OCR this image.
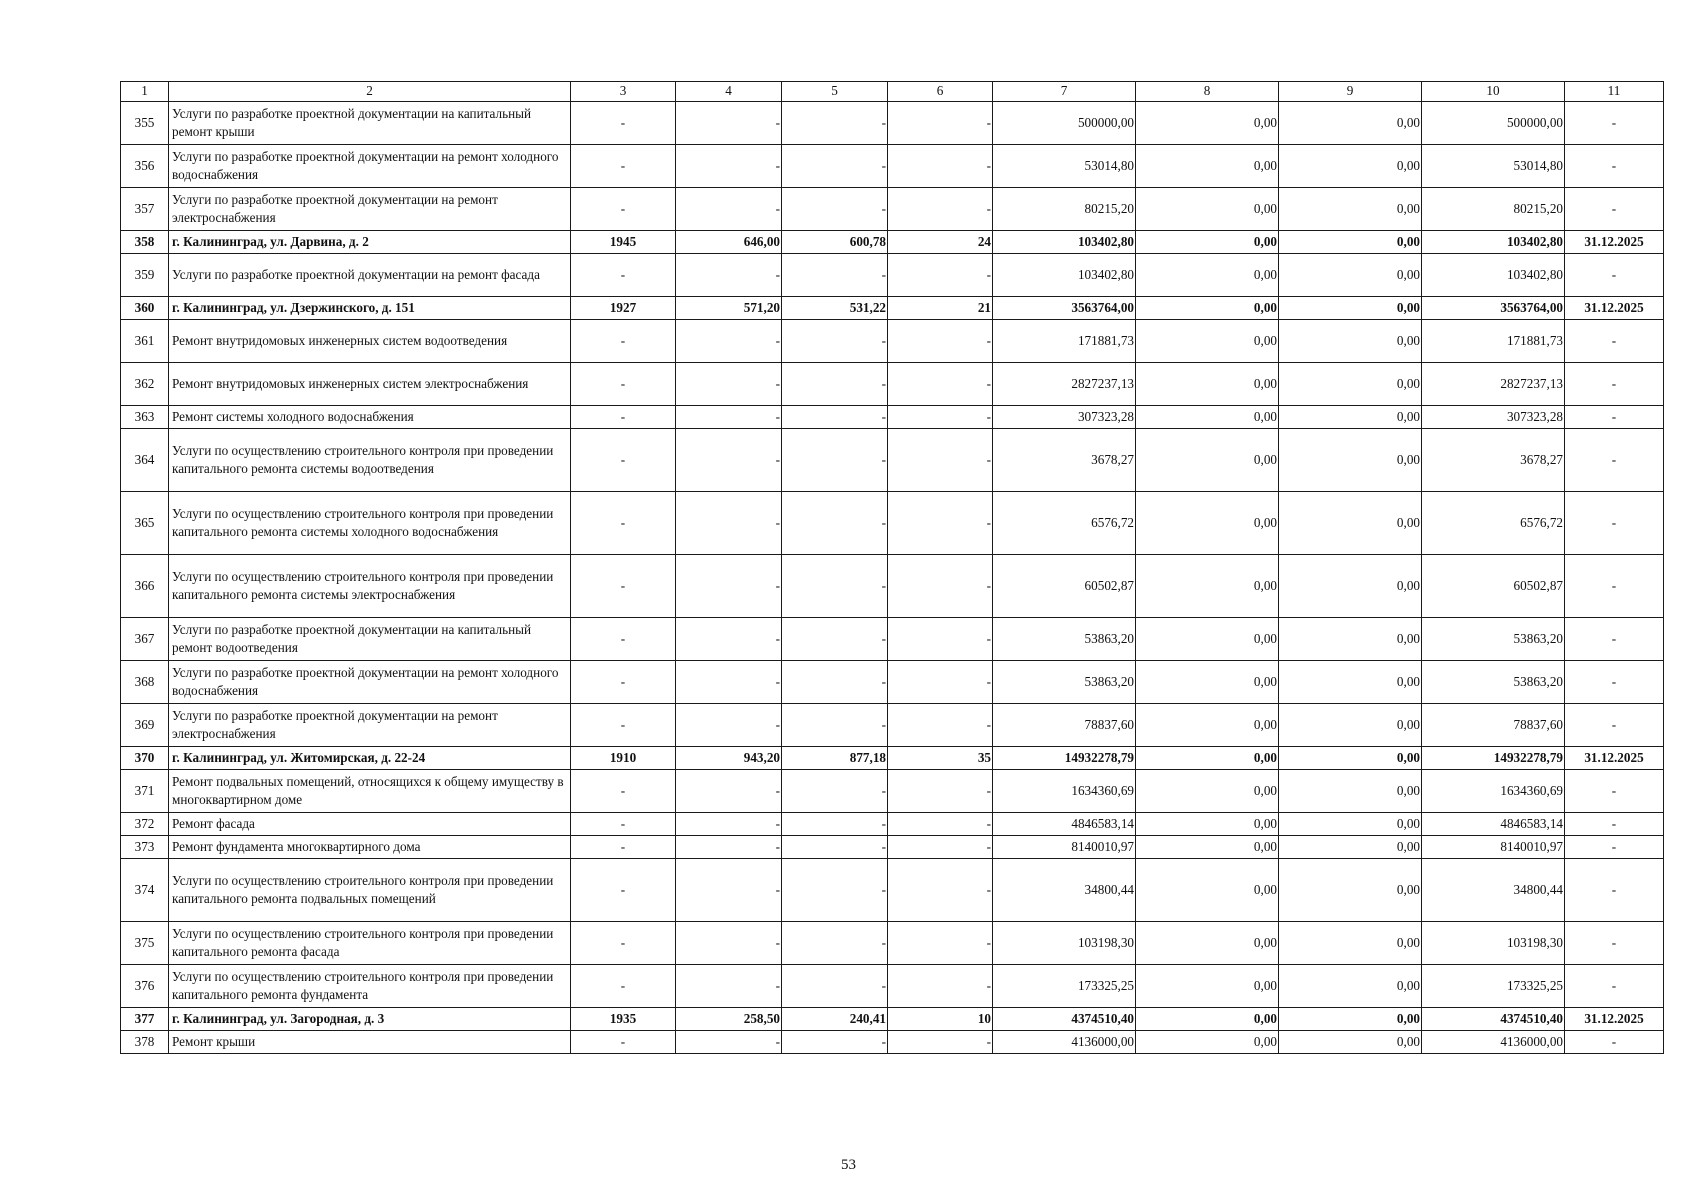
1	2	3	4	5	6	7	8	9	10	11
355	Услуги по разработке проектной документации на капитальный ремонт крыши	-	-	-	-	500000,00	0,00	0,00	500000,00	-
356	Услуги по разработке проектной документации на ремонт холодного водоснабжения	-	-	-	-	53014,80	0,00	0,00	53014,80	-
357	Услуги по разработке проектной документации на ремонт электроснабжения	-	-	-	-	80215,20	0,00	0,00	80215,20	-
358	г. Калининград, ул. Дарвина, д. 2	1945	646,00	600,78	24	103402,80	0,00	0,00	103402,80	31.12.2025
359	Услуги по разработке проектной документации на ремонт фасада	-	-	-	-	103402,80	0,00	0,00	103402,80	-
360	г. Калининград, ул. Дзержинского, д. 151	1927	571,20	531,22	21	3563764,00	0,00	0,00	3563764,00	31.12.2025
361	Ремонт внутридомовых инженерных систем водоотведения	-	-	-	-	171881,73	0,00	0,00	171881,73	-
362	Ремонт внутридомовых инженерных систем электроснабжения	-	-	-	-	2827237,13	0,00	0,00	2827237,13	-
363	Ремонт системы холодного водоснабжения	-	-	-	-	307323,28	0,00	0,00	307323,28	-
364	Услуги по осуществлению строительного контроля при проведении капитального ремонта системы водоотведения	-	-	-	-	3678,27	0,00	0,00	3678,27	-
365	Услуги по осуществлению строительного контроля при проведении капитального ремонта системы холодного водоснабжения	-	-	-	-	6576,72	0,00	0,00	6576,72	-
366	Услуги по осуществлению строительного контроля при проведении капитального ремонта системы электроснабжения	-	-	-	-	60502,87	0,00	0,00	60502,87	-
367	Услуги по разработке проектной документации на капитальный ремонт водоотведения	-	-	-	-	53863,20	0,00	0,00	53863,20	-
368	Услуги по разработке проектной документации на ремонт холодного водоснабжения	-	-	-	-	53863,20	0,00	0,00	53863,20	-
369	Услуги по разработке проектной документации на ремонт электроснабжения	-	-	-	-	78837,60	0,00	0,00	78837,60	-
370	г. Калининград, ул. Житомирская, д. 22-24	1910	943,20	877,18	35	14932278,79	0,00	0,00	14932278,79	31.12.2025
371	Ремонт подвальных помещений, относящихся к общему имуществу в многоквартирном доме	-	-	-	-	1634360,69	0,00	0,00	1634360,69	-
372	Ремонт фасада	-	-	-	-	4846583,14	0,00	0,00	4846583,14	-
373	Ремонт фундамента многоквартирного дома	-	-	-	-	8140010,97	0,00	0,00	8140010,97	-
374	Услуги по осуществлению строительного контроля при проведении капитального ремонта подвальных помещений	-	-	-	-	34800,44	0,00	0,00	34800,44	-
375	Услуги по осуществлению строительного контроля при проведении капитального ремонта фасада	-	-	-	-	103198,30	0,00	0,00	103198,30	-
376	Услуги по осуществлению строительного контроля при проведении капитального ремонта фундамента	-	-	-	-	173325,25	0,00	0,00	173325,25	-
377	г. Калининград, ул. Загородная, д. 3	1935	258,50	240,41	10	4374510,40	0,00	0,00	4374510,40	31.12.2025
378	Ремонт крыши	-	-	-	-	4136000,00	0,00	0,00	4136000,00	-
53
